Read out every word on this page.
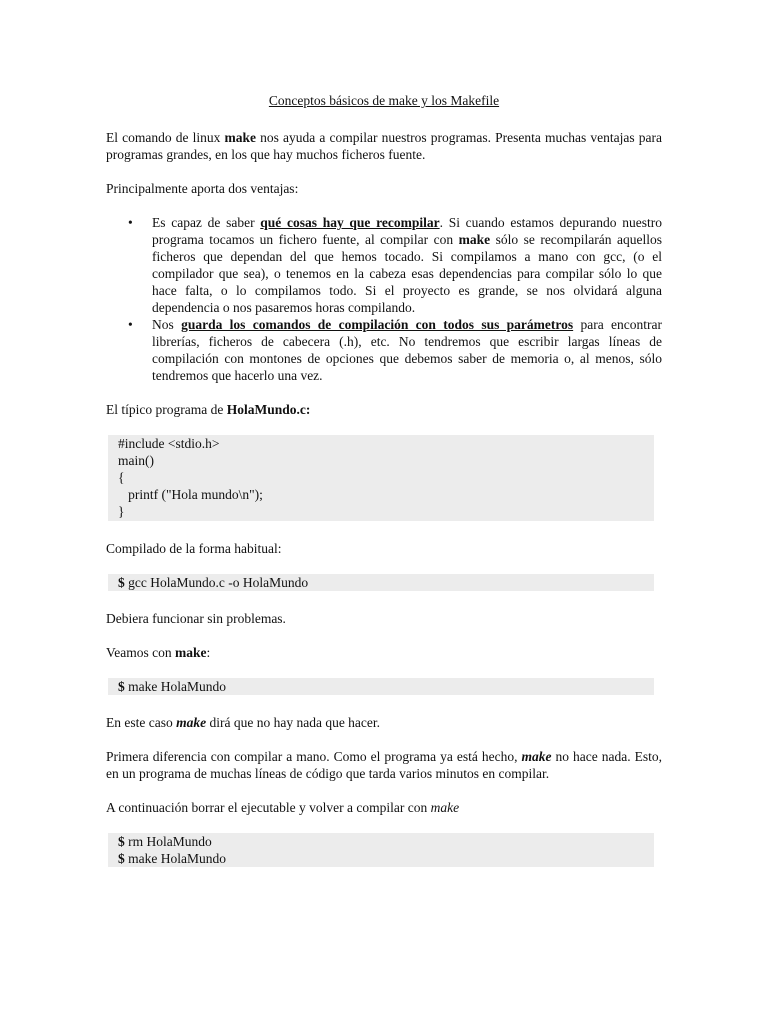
Conceptos básicos de make y los Makefile

El comando de linux make nos ayuda a compilar nuestros programas. Presenta muchas ventajas para programas grandes, en los que hay muchos ficheros fuente.

Principalmente aporta dos ventajas:

• Es capaz de saber qué cosas hay que recompilar. Si cuando estamos depurando nuestro programa tocamos un fichero fuente, al compilar con make sólo se recompilarán aquellos ficheros que dependan del que hemos tocado. Si compilamos a mano con gcc, (o el compilador que sea), o tenemos en la cabeza esas dependencias para compilar sólo lo que hace falta, o lo compilamos todo. Si el proyecto es grande, se nos olvidará alguna dependencia o nos pasaremos horas compilando.
• Nos guarda los comandos de compilación con todos sus parámetros para encontrar librerías, ficheros de cabecera (.h), etc. No tendremos que escribir largas líneas de compilación con montones de opciones que debemos saber de memoria o, al menos, sólo tendremos que hacerlo una vez.

El típico programa de HolaMundo.c:

#include <stdio.h>
main()
{
printf ("Hola mundo\n");
}

Compilado de la forma habitual:

$ gcc HolaMundo.c -o HolaMundo

Debiera funcionar sin problemas.

Veamos con make:

$ make HolaMundo

En este caso make dirá que no hay nada que hacer.

Primera diferencia con compilar a mano. Como el programa ya está hecho, make no hace nada. Esto, en un programa de muchas líneas de código que tarda varios minutos en compilar.

A continuación borrar el ejecutable y volver a compilar con make

$ rm HolaMundo
$ make HolaMundo
